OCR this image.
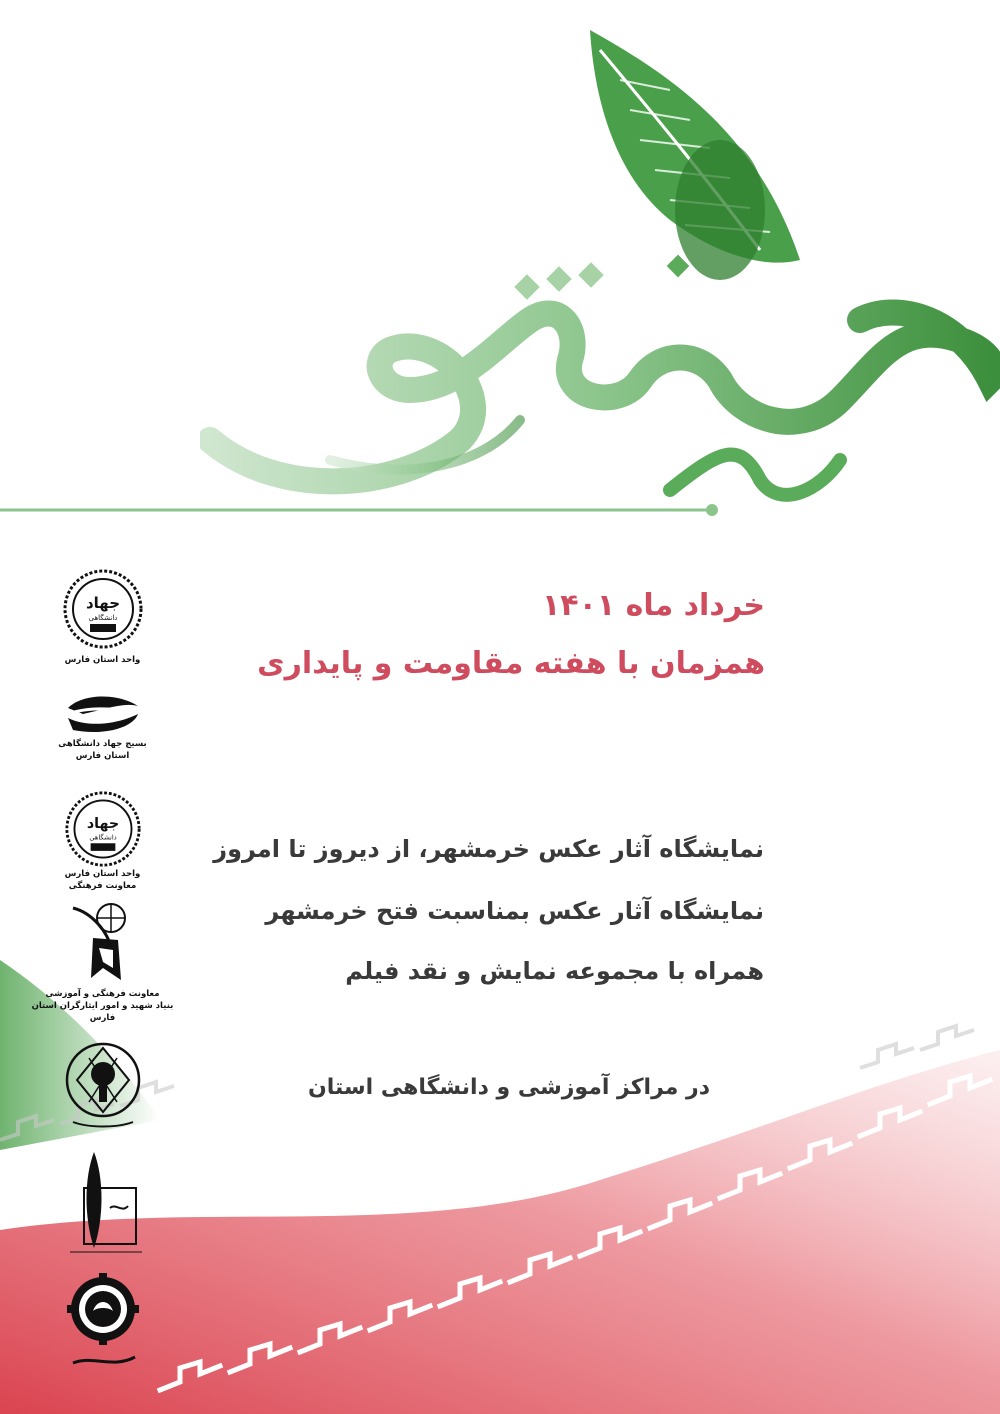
خرداد ماه ۱۴۰۱
همزمان با هفته مقاومت و پایداری
نمایشگاه آثار عکس خرمشهر، از دیروز تا امروز
نمایشگاه آثار عکس بمناسبت فتح خرمشهر
همراه با مجموعه نمایش و نقد فیلم
در مراکز آموزشی و دانشگاهی استان
جهاد
دانشگاهی
واحد استان فارس
بسیج جهاد دانشگاهی
استان فارس
جهاد
دانشگاهی
واحد استان فارس
معاونت فرهنگی
معاونت فرهنگی و آموزشی
بنیاد شهید و امور ایثارگران استان فارس
